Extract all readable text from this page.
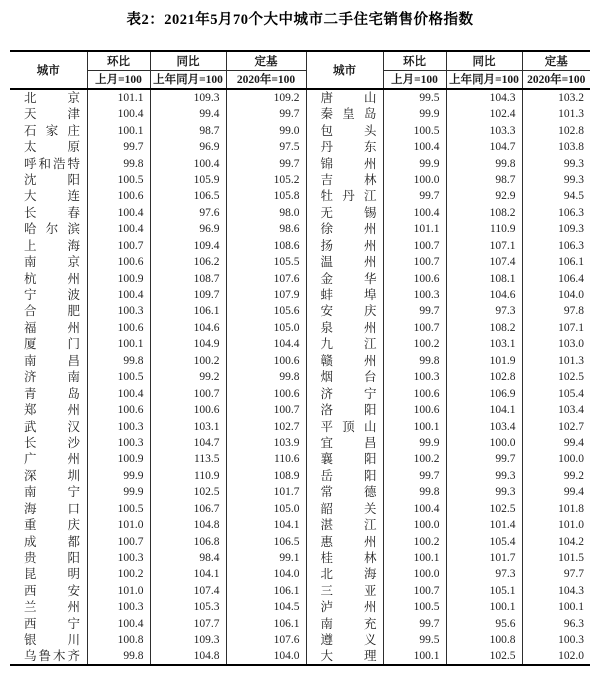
表2：2021年5月70个大中城市二手住宅销售价格指数
城市	环比	同比	定基	城市	环比	同比	定基
	上月=100	上年同月=100	2020年=100		上月=100	上年同月=100	2020年=100

北京	101.1	109.3	109.2	唐山	99.5	104.3	103.2

天津	100.4	99.4	99.7	秦皇岛	99.9	102.4	101.3

石家庄	100.1	98.7	99.0	包头	100.5	103.3	102.8

太原	99.7	96.9	97.5	丹东	100.4	104.7	103.8

呼和浩特	99.8	100.4	99.7	锦州	99.9	99.8	99.3

沈阳	100.5	105.9	105.2	吉林	100.0	98.7	99.3

大连	100.6	106.5	105.8	牡丹江	99.7	92.9	94.5

长春	100.4	97.6	98.0	无锡	100.4	108.2	106.3

哈尔滨	100.4	96.9	98.6	徐州	101.1	110.9	109.3

上海	100.7	109.4	108.6	扬州	100.7	107.1	106.3

南京	100.6	106.2	105.5	温州	100.7	107.4	106.1

杭州	100.9	108.7	107.6	金华	100.6	108.1	106.4

宁波	100.4	109.7	107.9	蚌埠	100.3	104.6	104.0

合肥	100.3	106.1	105.6	安庆	99.7	97.3	97.8

福州	100.6	104.6	105.0	泉州	100.7	108.2	107.1

厦门	100.1	104.9	104.4	九江	100.2	103.1	103.0

南昌	99.8	100.2	100.6	赣州	99.8	101.9	101.3

济南	100.5	99.2	99.8	烟台	100.3	102.8	102.5

青岛	100.4	100.7	100.6	济宁	100.6	106.9	105.4

郑州	100.6	100.6	100.7	洛阳	100.6	104.1	103.4

武汉	100.3	103.1	102.7	平顶山	100.1	103.4	102.7

长沙	100.3	104.7	103.9	宜昌	99.9	100.0	99.4

广州	100.9	113.5	110.6	襄阳	100.2	99.7	100.0

深圳	99.9	110.9	108.9	岳阳	99.7	99.3	99.2

南宁	99.9	102.5	101.7	常德	99.8	99.3	99.4

海口	100.5	106.7	105.0	韶关	100.4	102.5	101.8

重庆	101.0	104.8	104.1	湛江	100.0	101.4	101.0

成都	100.7	106.8	106.5	惠州	100.2	105.4	104.2

贵阳	100.3	98.4	99.1	桂林	100.1	101.7	101.5

昆明	100.2	104.1	104.0	北海	100.0	97.3	97.7

西安	101.0	107.4	106.1	三亚	100.7	105.1	104.3

兰州	100.3	105.3	104.5	泸州	100.5	100.1	100.1

西宁	100.4	107.7	106.1	南充	99.7	95.6	96.3

银川	100.8	109.3	107.6	遵义	99.5	100.8	100.3

乌鲁木齐	99.8	104.8	104.0	大理	100.1	102.5	102.0
